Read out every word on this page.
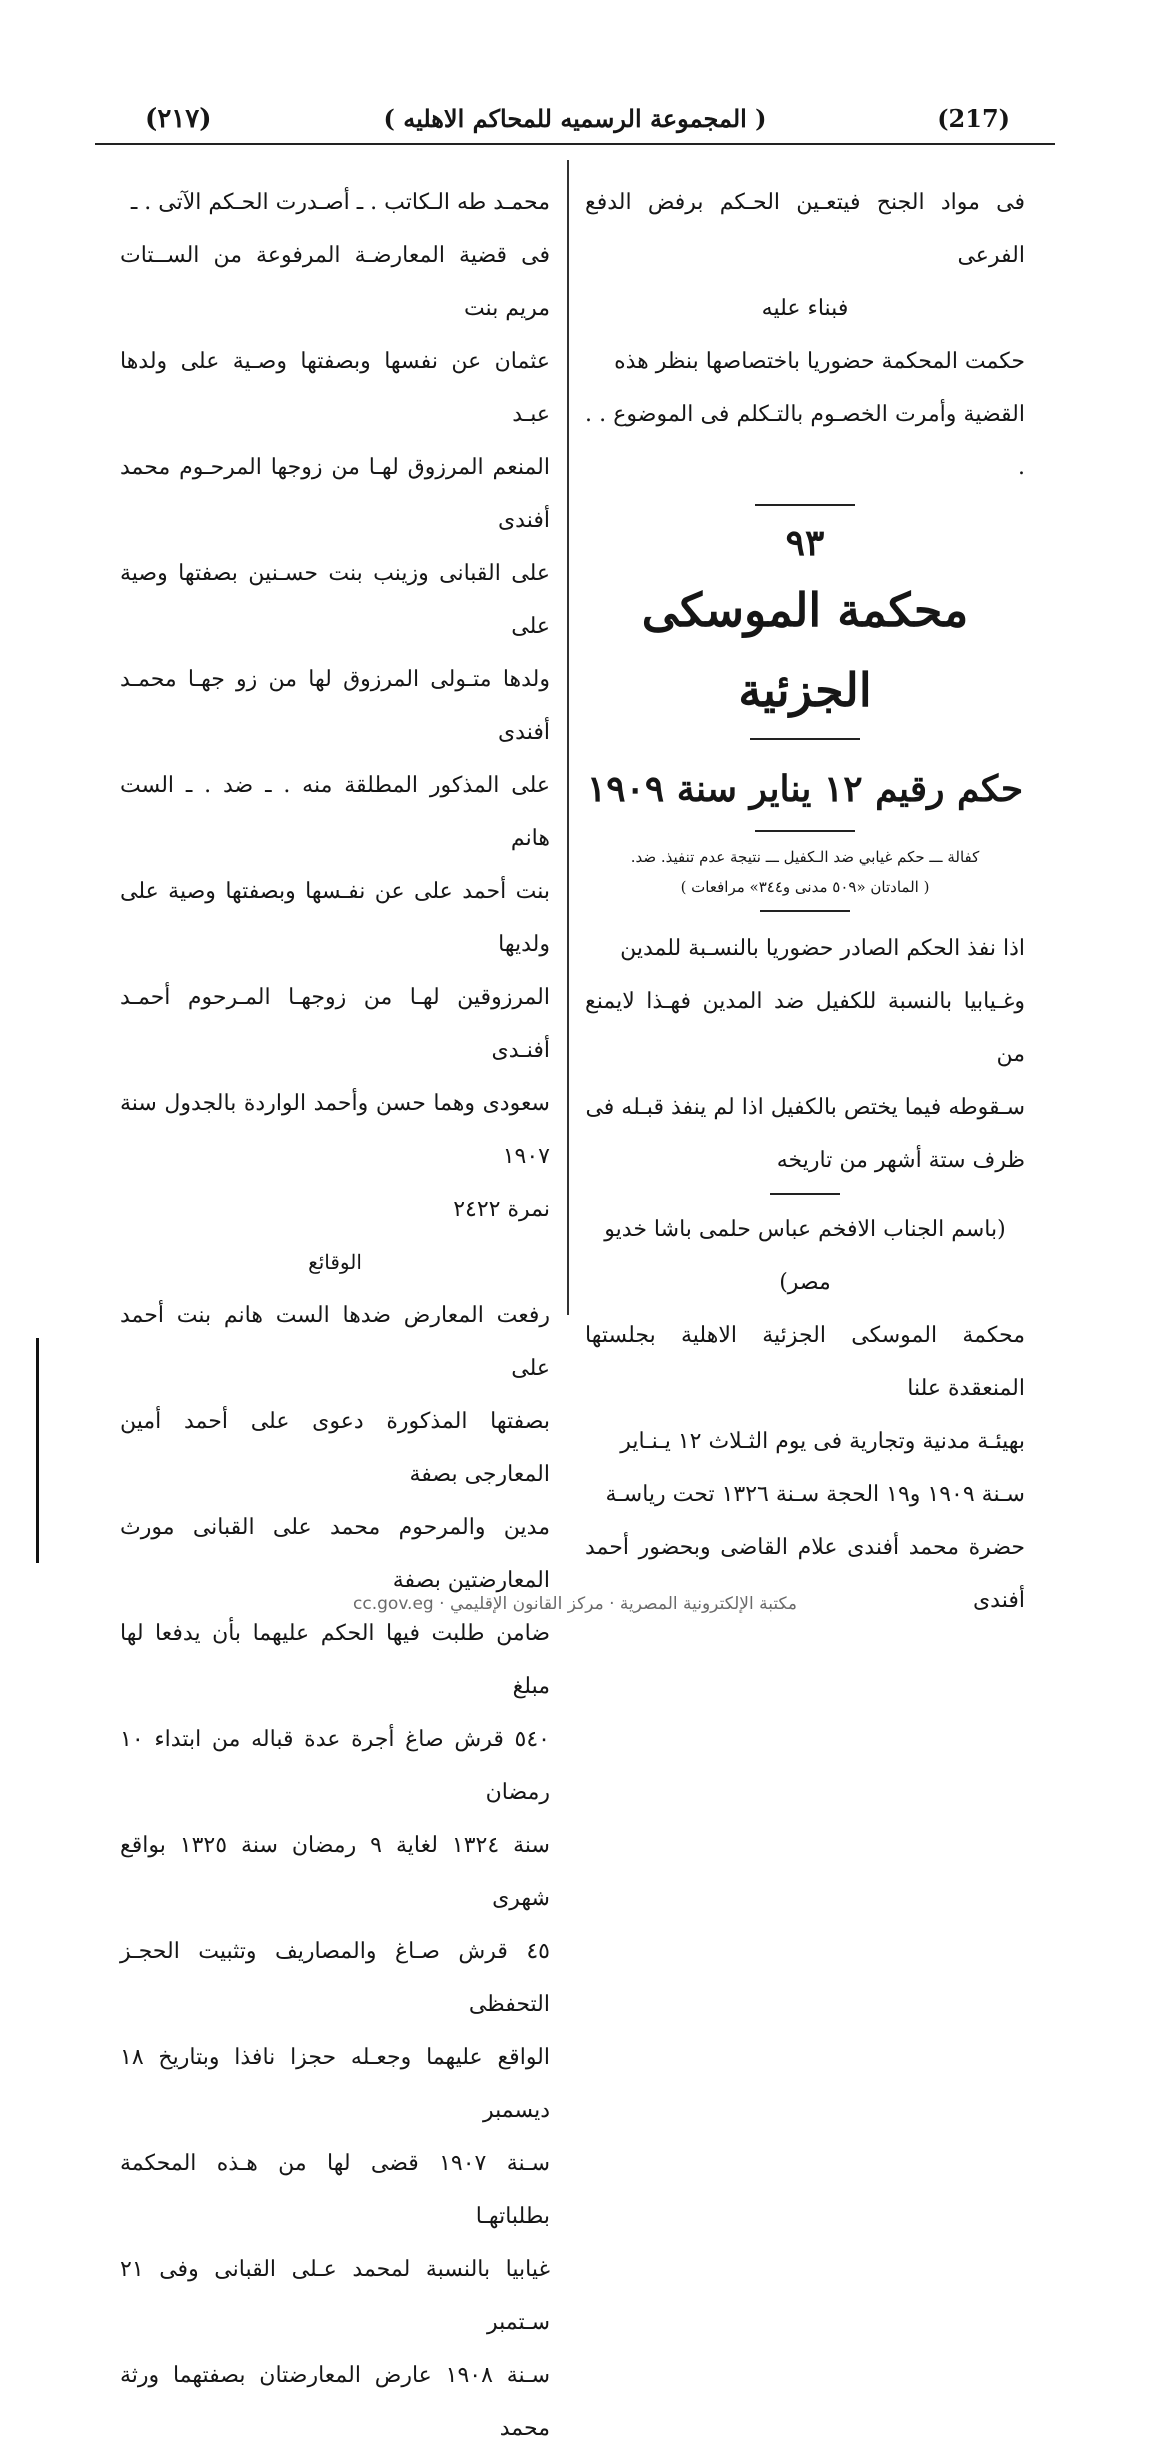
(٢١٧)	( المجموعة الرسميه للمحاكم الاهليه )	(217)

فى مواد الجنح فيتعـين الحـكم برفض الدفع الفرعى

فبناء عليه

حكمت المحكمة حضوريا باختصاصها بنظر هذه

القضية وأمرت الخصـوم بالتـكلم فى الموضوع . . .

٩٣

محكمة الموسكى الجزئية

حكم رقيم ١٢ يناير سنة ١٩٠٩

كفالة ـــ حكم غيابي ضد الـكفيل ـــ نتيجة عدم تنفيذ. ضد.

( المادتان «٥٠٩ مدنى و٣٤٤» مرافعات )

اذا نفذ الحكم الصادر حضوريا بالنسـبة للمدين

وغـيابيا بالنسبة للكفيل ضد المدين فهـذا لايمنع من

سـقوطه فيما يختص بالكفيل اذا لم ينفذ قبـله فى

ظرف ستة أشهر من تاريخه

(باسم الجناب الافخم عباس حلمى باشا خديو مصر)

محكمة الموسكى الجزئية الاهلية بجلستها المنعقدة علنا

بهيئـة مدنية وتجارية فى يوم الثـلاث ١٢ يـنـاير

سـنة ١٩٠٩ و١٩ الحجة سـنة ١٣٢٦ تحت رياسـة

حضرة محمد أفندى علام القاضى وبحضور أحمد أفندى

محمـد طه الـكاتب . ـ أصـدرت الحـكم الآتى . ـ

فى قضية المعارضـة المرفوعة من الســتات مريم بنت

عثمان عن نفسها وبصفتها وصـية على ولدها عبـد

المنعم المرزوق لهـا من زوجها المرحـوم محمد أفندى

على القبانى وزينب بنت حسـنين بصفتها وصية على

ولدها متـولى المرزوق لها من زو جهـا محمـد أفندى

على المذكور المطلقة منه . ـ ضد . ـ الست هانم

بنت أحمد على عن نفـسها وبصفتها وصية على ولديها

المرزوقين لهـا من زوجهـا المـرحوم أحمـد أفنـدى

سعودى وهما حسن وأحمد الواردة بالجدول سنة ١٩٠٧

نمرة ٢٤٢٢

الوقائع

رفعت المعارض ضدها الست هانم بنت أحمد على

بصفتها المذكورة دعوى على أحمد أمين المعارجى بصفة

مدين والمرحوم محمد على القبانى مورث المعارضتين بصفة

ضامن طلبت فيها الحكم عليهما بأن يدفعا لها مبلغ

٥٤٠ قرش صاغ أجرة عدة قباله من ابتداء ١٠ رمضان

سنة ١٣٢٤ لغاية ٩ رمضان سنة ١٣٢٥ بواقع شهرى

٤٥ قرش صـاغ والمصاريف وتثبيت الحجـز التحفظى

الواقع عليهما وجعـله حجزا نافذا وبتاريخ ١٨ ديسمبر

سـنة ١٩٠٧ قضى لها من هـذه المحكمة بطلباتهـا

غيابيا بالنسبة لمحمد عـلى القبانى وفى ٢١ سـتمبر

سـنة ١٩٠٨ عارض المعارضتان بصفتهما ورثة محمد

cc.gov.eg · مكتبة الإلكترونية المصرية · مركز القانون الإقليمي
